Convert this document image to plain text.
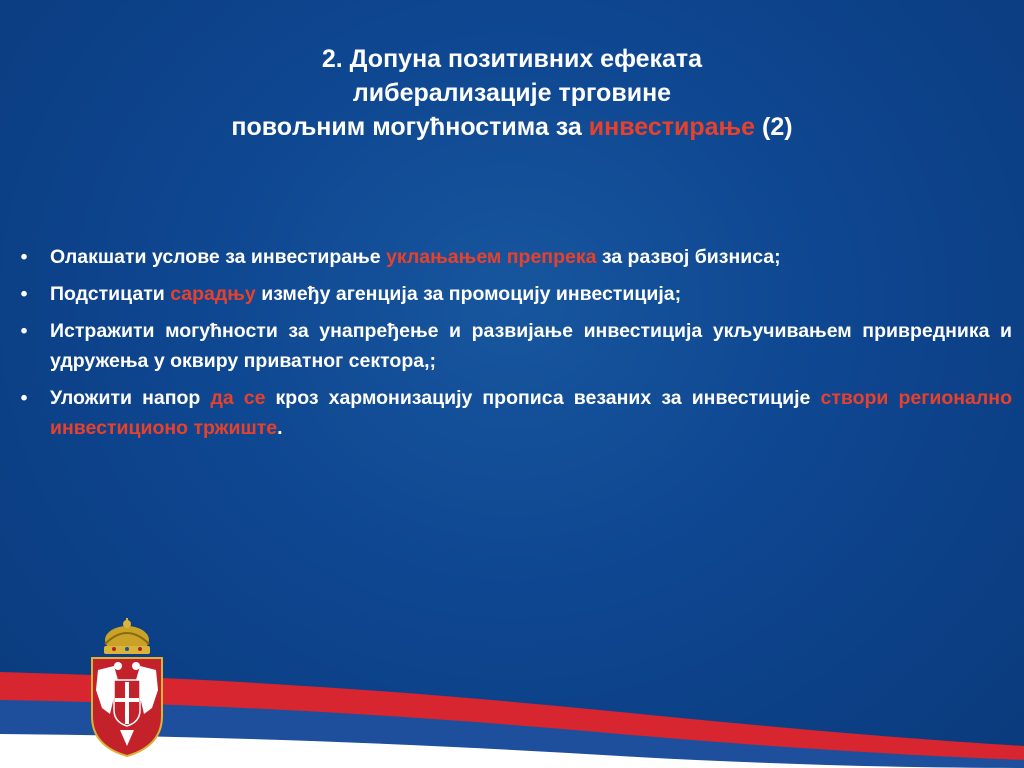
2. Допуна позитивних ефеката
либерализације трговине
повољним могућностима за инвестирање (2)
•	Олакшати услове за инвестирање уклањањем препрека за развој бизниса;
•	Подстицати сарадњу између агенција за промоцију инвестиција;
•	Истражити могућности за унапређење и развијање инвестиција укључивањем привредника и удружења у оквиру приватног сектора,;
•	Уложити напор да се кроз хармонизацију прописа везаних за инвестиције створи регионално инвестиционо тржиште.
